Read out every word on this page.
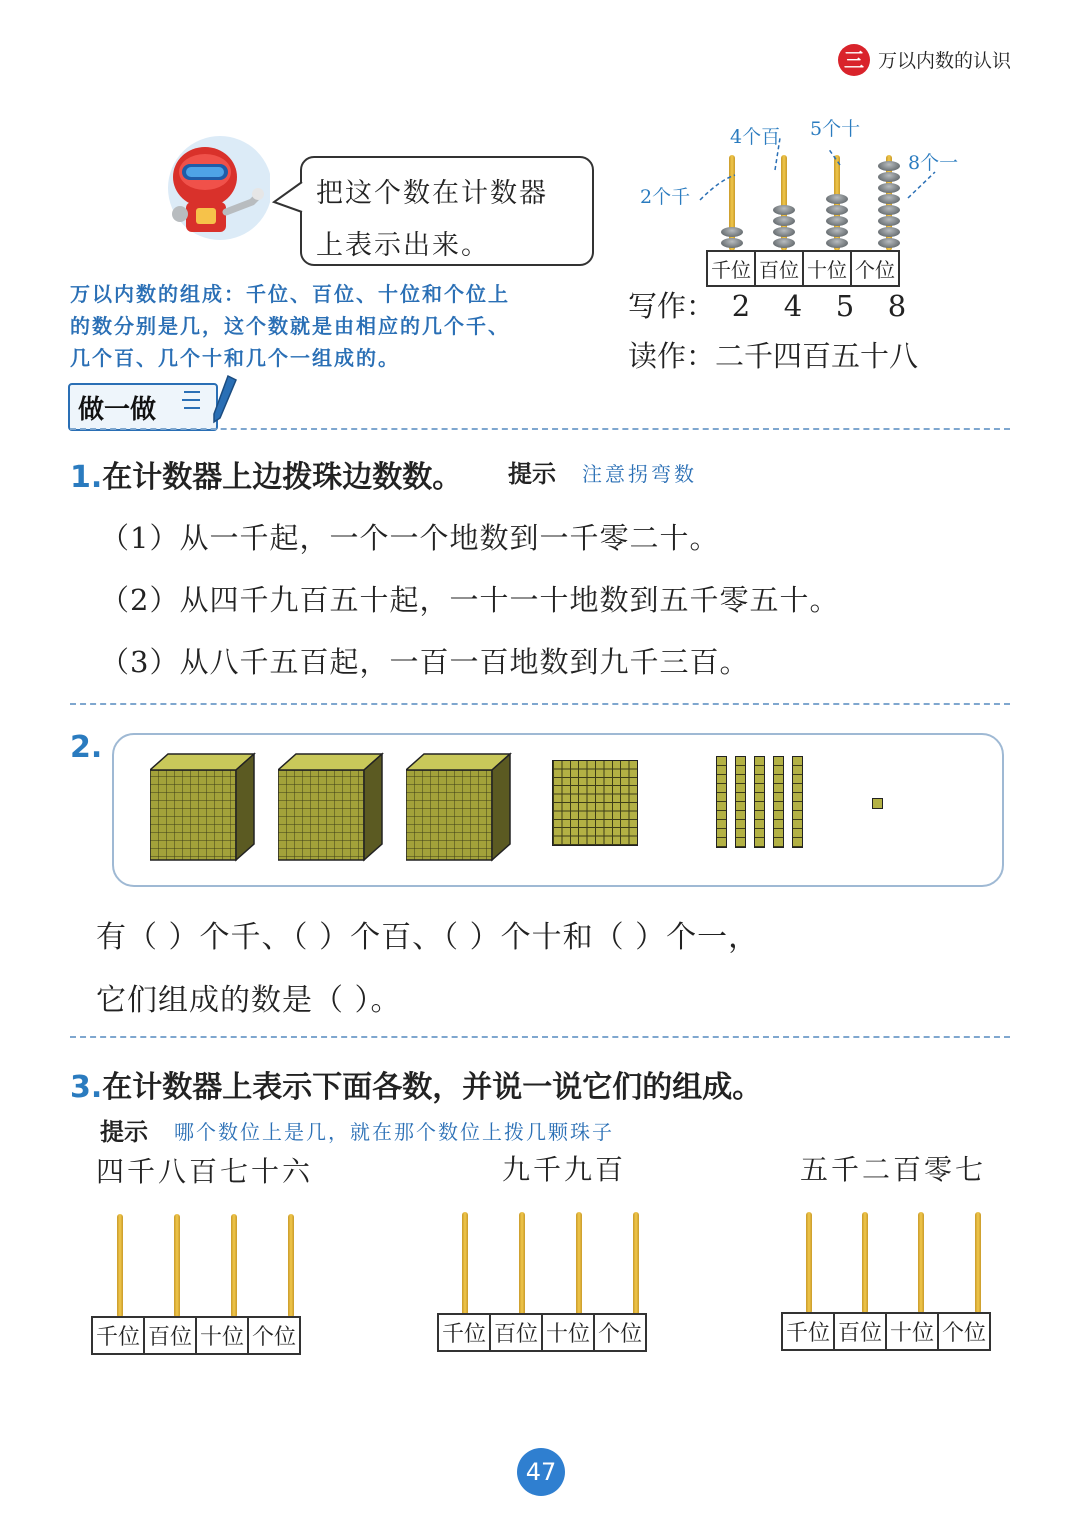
三 万以内数的认识
把这个数在计数器
上表示出来。
万以内数的组成：千位、百位、十位和个位上
的数分别是几，这个数就是由相应的几个千、
几个百、几个十和几个一组成的。
千位	百位	十位	个位
2个千
4个百 5个十
8个一
写作： 2 4 5 8
读作：二千四百五十八
做一做
1.在计数器上边拨珠边数数。 提示 注意拐弯数
（1）从一千起，一个一个地数到一千零二十。
（2）从四千九百五十起，一十一十地数到五千零五十。
（3）从八千五百起，一百一百地数到九千三百。
2.
有（ ）个千、（ ）个百、（ ）个十和（ ）个一，
它们组成的数是（ ）。
3.在计数器上表示下面各数，并说一说它们的组成。
提示 哪个数位上是几，就在那个数位上拨几颗珠子
四千八百七十六	九千九百	五千二百零七
千位	百位	十位	个位	千位	百位	十位	个位	千位	百位	十位	个位
47
